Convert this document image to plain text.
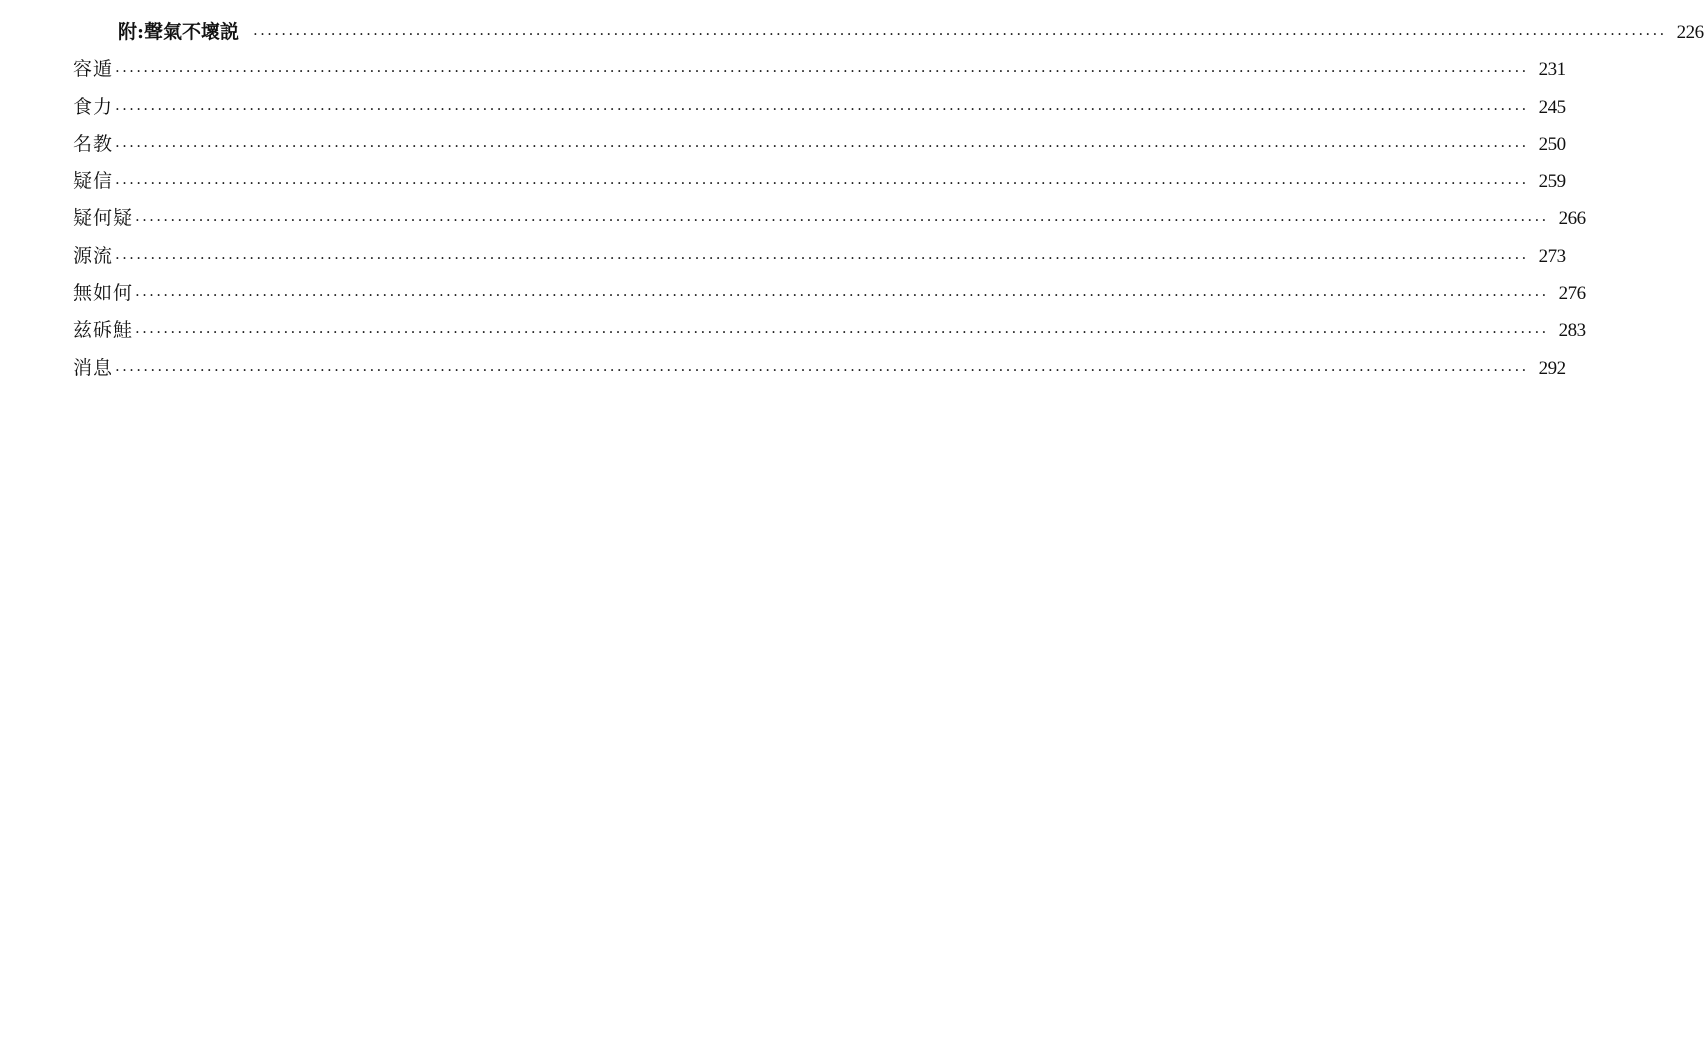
附:聲氣不壞説 ........................................................................................................................................................................................................ 226
容遁 ........................................................................................................................................................................................................ 231
食力 ........................................................................................................................................................................................................ 245
名教 ........................................................................................................................................................................................................ 250
疑信 ........................................................................................................................................................................................................ 259
疑何疑 ........................................................................................................................................................................................................ 266
源流 ........................................................................................................................................................................................................ 273
無如何 ........................................................................................................................................................................................................ 276
兹䂨鮭 ........................................................................................................................................................................................................ 283
消息 ........................................................................................................................................................................................................ 292
